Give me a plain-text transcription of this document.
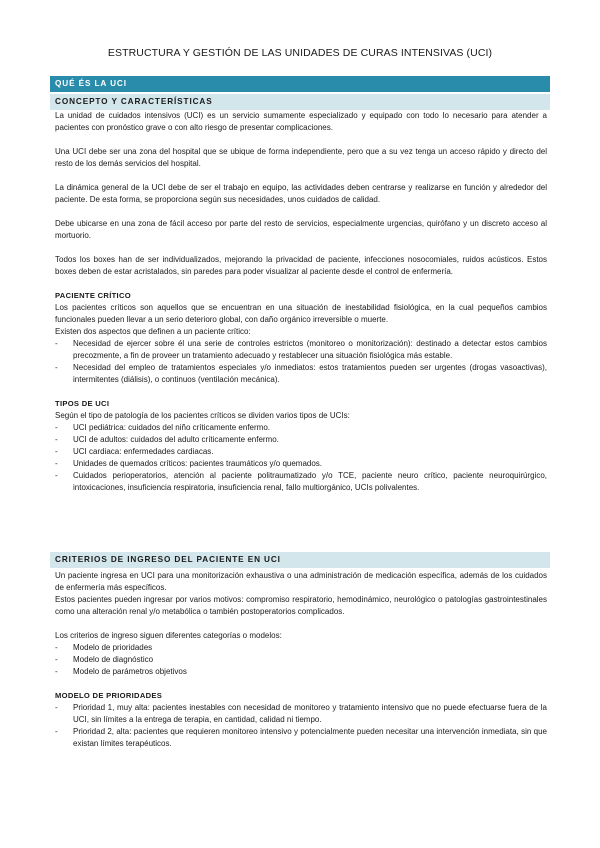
ESTRUCTURA Y GESTIÓN DE LAS UNIDADES DE CURAS INTENSIVAS (UCI)
QUÉ ÉS LA UCI
CONCEPTO Y CARACTERÍSTICAS

La unidad de cuidados intensivos (UCI) es un servicio sumamente especializado y equipado con todo lo necesario para atender a pacientes con pronóstico grave o con alto riesgo de presentar complicaciones.

Una UCI debe ser una zona del hospital que se ubique de forma independiente, pero que a su vez tenga un acceso rápido y directo del resto de los demás servicios del hospital.

La dinámica general de la UCI debe de ser el trabajo en equipo, las actividades deben centrarse y realizarse en función y alrededor del paciente. De esta forma, se proporciona según sus necesidades, unos cuidados de calidad.

Debe ubicarse en una zona de fácil acceso por parte del resto de servicios, especialmente urgencias, quirófano y un discreto acceso al mortuorio.

Todos los boxes han de ser individualizados, mejorando la privacidad de paciente, infecciones nosocomiales, ruidos acústicos. Estos boxes deben de estar acristalados, sin paredes para poder visualizar al paciente desde el control de enfermería.

PACIENTE CRÍTICO

Los pacientes críticos son aquellos que se encuentran en una situación de inestabilidad fisiológica, en la cual pequeños cambios funcionales pueden llevar a un serio deterioro global, con daño orgánico irreversible o muerte.

Existen dos aspectos que definen a un paciente crítico:

- Necesidad de ejercer sobre él una serie de controles estrictos (monitoreo o monitorización): destinado a detectar estos cambios precozmente, a fin de proveer un tratamiento adecuado y restablecer una situación fisiológica más estable.
- Necesidad del empleo de tratamientos especiales y/o inmediatos: estos tratamientos pueden ser urgentes (drogas vasoactivas), intermitentes (diálisis), o continuos (ventilación mecánica).

TIPOS DE UCI

Según el tipo de patología de los pacientes críticos se dividen varios tipos de UCIs:

- UCI pediátrica: cuidados del niño críticamente enfermo.
- UCI de adultos: cuidados del adulto críticamente enfermo.
- UCI cardiaca: enfermedades cardiacas.
- Unidades de quemados críticos: pacientes traumáticos y/o quemados.
- Cuidados perioperatorios, atención al paciente politraumatizado y/o TCE, paciente neuro crítico, paciente neuroquirúrgico, intoxicaciones, insuficiencia respiratoria, insuficiencia renal, fallo multiorgánico, UCIs polivalentes.
CRITERIOS DE INGRESO DEL PACIENTE EN UCI

Un paciente ingresa en UCI para una monitorización exhaustiva o una administración de medicación específica, además de los cuidados de enfermería más específicos.

Estos pacientes pueden ingresar por varios motivos: compromiso respiratorio, hemodinámico, neurológico o patologías gastrointestinales como una alteración renal y/o metabólica o también postoperatorios complicados.

Los criterios de ingreso siguen diferentes categorías o modelos:

- Modelo de prioridades
- Modelo de diagnóstico
- Modelo de parámetros objetivos

MODELO DE PRIORIDADES

- Prioridad 1, muy alta: pacientes inestables con necesidad de monitoreo y tratamiento intensivo que no puede efectuarse fuera de la UCI, sin límites a la entrega de terapia, en cantidad, calidad ni tiempo.
- Prioridad 2, alta: pacientes que requieren monitoreo intensivo y potencialmente pueden necesitar una intervención inmediata, sin que existan límites terapéuticos.
